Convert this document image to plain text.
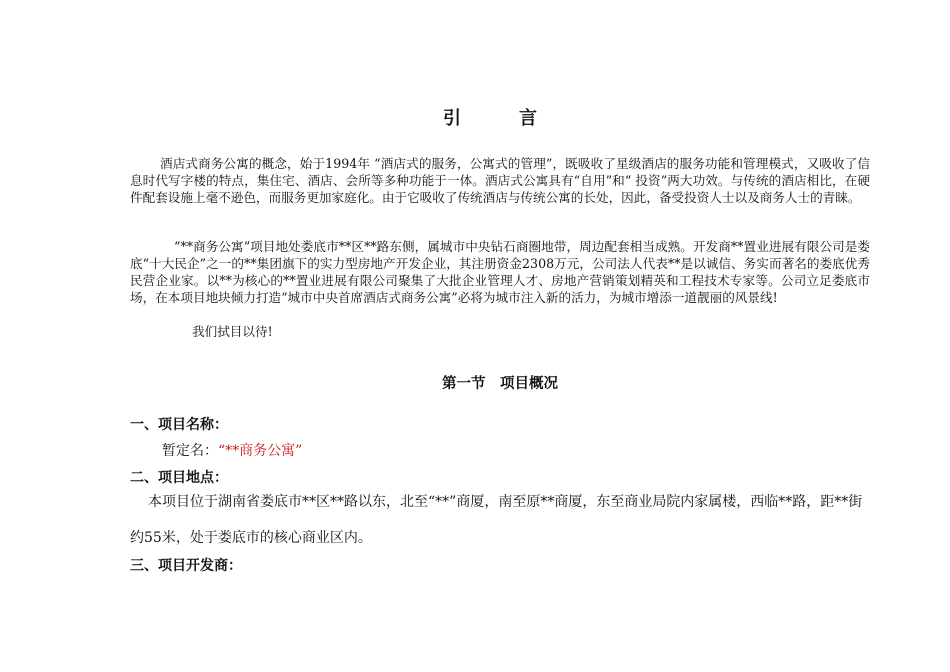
引　言

酒店式商务公寓的概念，始于1994年 “酒店式的服务，公寓式的管理”，既吸收了星级酒店的服务功能和管理模式，又吸收了信息时代写字楼的特点，集住宅、酒店、会所等多种功能于一体。酒店式公寓具有“自用”和“ 投资”两大功效。与传统的酒店相比，在硬件配套设施上毫不逊色，而服务更加家庭化。由于它吸收了传统酒店与传统公寓的长处，因此，备受投资人士以及商务人士的青睐。

“**商务公寓”项目地处娄底市**区**路东侧，属城市中央钻石商圈地带，周边配套相当成熟。开发商**置业进展有限公司是娄底“十大民企”之一的**集团旗下的实力型房地产开发企业，其注册资金2308万元，公司法人代表**是以诚信、务实而著名的娄底优秀民营企业家。以**为核心的**置业进展有限公司聚集了大批企业管理人才、房地产营销策划精英和工程技术专家等。公司立足娄底市场，在本项目地块倾力打造“城市中央首席酒店式商务公寓”必将为城市注入新的活力，为城市增添一道靓丽的风景线!

我们拭目以待!

第一节　项目概况
一、项目名称：
暂定名：“**商务公寓”
二、项目地点：

本项目位于湖南省娄底市**区**路以东，北至“**”商厦，南至原**商厦，东至商业局院内家属楼，西临**路，距**街约55米，处于娄底市的核心商业区内。

三、项目开发商：
